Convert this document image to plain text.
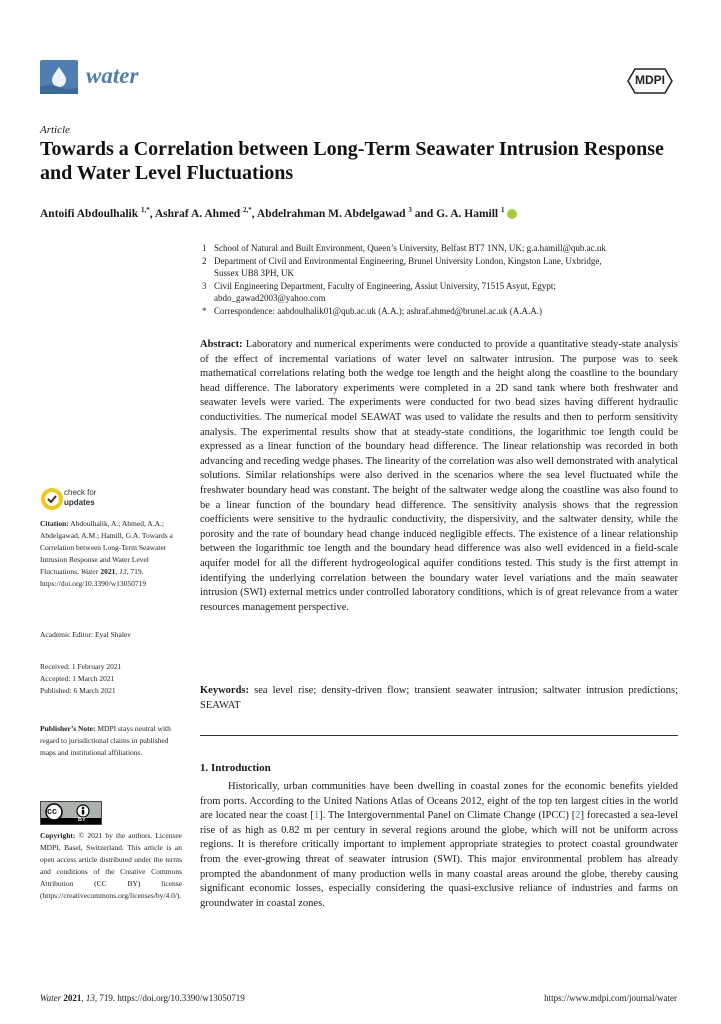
water	MDPI
Article
Towards a Correlation between Long-Term Seawater Intrusion Response and Water Level Fluctuations
Antoifi Abdoulhalik $^{1,*}$, Ashraf A. Ahmed $^{2,*}$, Abdelrahman M. Abdelgawad $^3$ and G. A. Hamill $^1$
1 School of Natural and Built Environment, Queen’s University, Belfast BT7 1NN, UK; g.a.hamill@qub.ac.uk
2 Department of Civil and Environmental Engineering, Brunel University London, Kingston Lane, Uxbridge,
Sussex UB8 3PH, UK
3 Civil Engineering Department, Faculty of Engineering, Assiut University, 71515 Asyut, Egypt;
abdo_gawad2003@yahoo.com
* Correspondence: aabdoulhalik01@qub.ac.uk (A.A.); ashraf.ahmed@brunel.ac.uk (A.A.A.)
Abstract: Laboratory and numerical experiments were conducted to provide a quantitative steady-state analysis of the effect of incremental variations of water level on saltwater intrusion. The purpose was to seek mathematical correlations relating both the wedge toe length and the height along the coastline to the boundary head difference. The laboratory experiments were completed in a 2D sand tank where both freshwater and seawater levels were varied. The experiments were conducted for two bead sizes having different hydraulic conductivities. The numerical model SEAWAT was used to validate the results and then to perform sensitivity analysis. The experimental results show that at steady-state conditions, the logarithmic toe length could be expressed as a linear function of the boundary head difference. The linear relationship was recorded in both advancing and receding wedge phases. The linearity of the correlation was also well demonstrated with analytical solutions. Similar relationships were also derived in the scenarios where the sea level fluctuated while the freshwater boundary head was constant. The height of the saltwater wedge along the coastline was also found to be a linear function of the boundary head difference. The sensitivity analysis shows that the regression coefficients were sensitive to the hydraulic conductivity, the dispersivity, and the saltwater density, while the porosity and the rate of boundary head change induced negligible effects. The existence of a linear relationship between the logarithmic toe length and the boundary head difference was also well evidenced in a field-scale aquifer model for all the different hydrogeological aquifer conditions tested. This study is the first attempt in identifying the underlying correlation between the boundary water level variations and the main seawater intrusion (SWI) external metrics under controlled laboratory conditions, which is of great relevance from a water resources management perspective.
Keywords: sea level rise; density-driven flow; transient seawater intrusion; saltwater intrusion predictions; SEAWAT
1. Introduction
Historically, urban communities have been dwelling in coastal zones for the economic benefits yielded from ports. According to the United Nations Atlas of Oceans 2012, eight of the top ten largest cities in the world are located near the coast [1]. The Intergovernmental Panel on Climate Change (IPCC) [2] forecasted a sea-level rise of as high as 0.82 m per century in several regions around the globe, which will not be uniform across regions. It is therefore critically important to implement appropriate strategies to protect coastal groundwater from the ever-growing threat of seawater intrusion (SWI). This major environmental problem has already prompted the abandonment of many production wells in many coastal areas around the globe, thereby causing significant economic losses, especially considering the quasi-exclusive reliance of industries and farms on groundwater in coastal zones.
check for
updates
Citation: Abdoulhalik, A.; Ahmed, A.A.; Abdelgawad, A.M.; Hamill, G.A. Towards a Correlation between Long-Term Seawater Intrusion Response and Water Level Fluctuations. Water 2021, 13, 719. https://doi.org/10.3390/w13050719
Academic Editor: Eyal Shalev
Received: 1 February 2021
Accepted: 1 March 2021
Published: 6 March 2021
Publisher’s Note: MDPI stays neutral with regard to jurisdictional claims in published maps and institutional affiliations.
cc
BY
Copyright: © 2021 by the authors. Licensee MDPI, Basel, Switzerland. This article is an open access article distributed under the terms and conditions of the Creative Commons Attribution (CC BY) license (https://creativecommons.org/licenses/by/4.0/).
Water 2021, 13, 719. https://doi.org/10.3390/w13050719	https://www.mdpi.com/journal/water
